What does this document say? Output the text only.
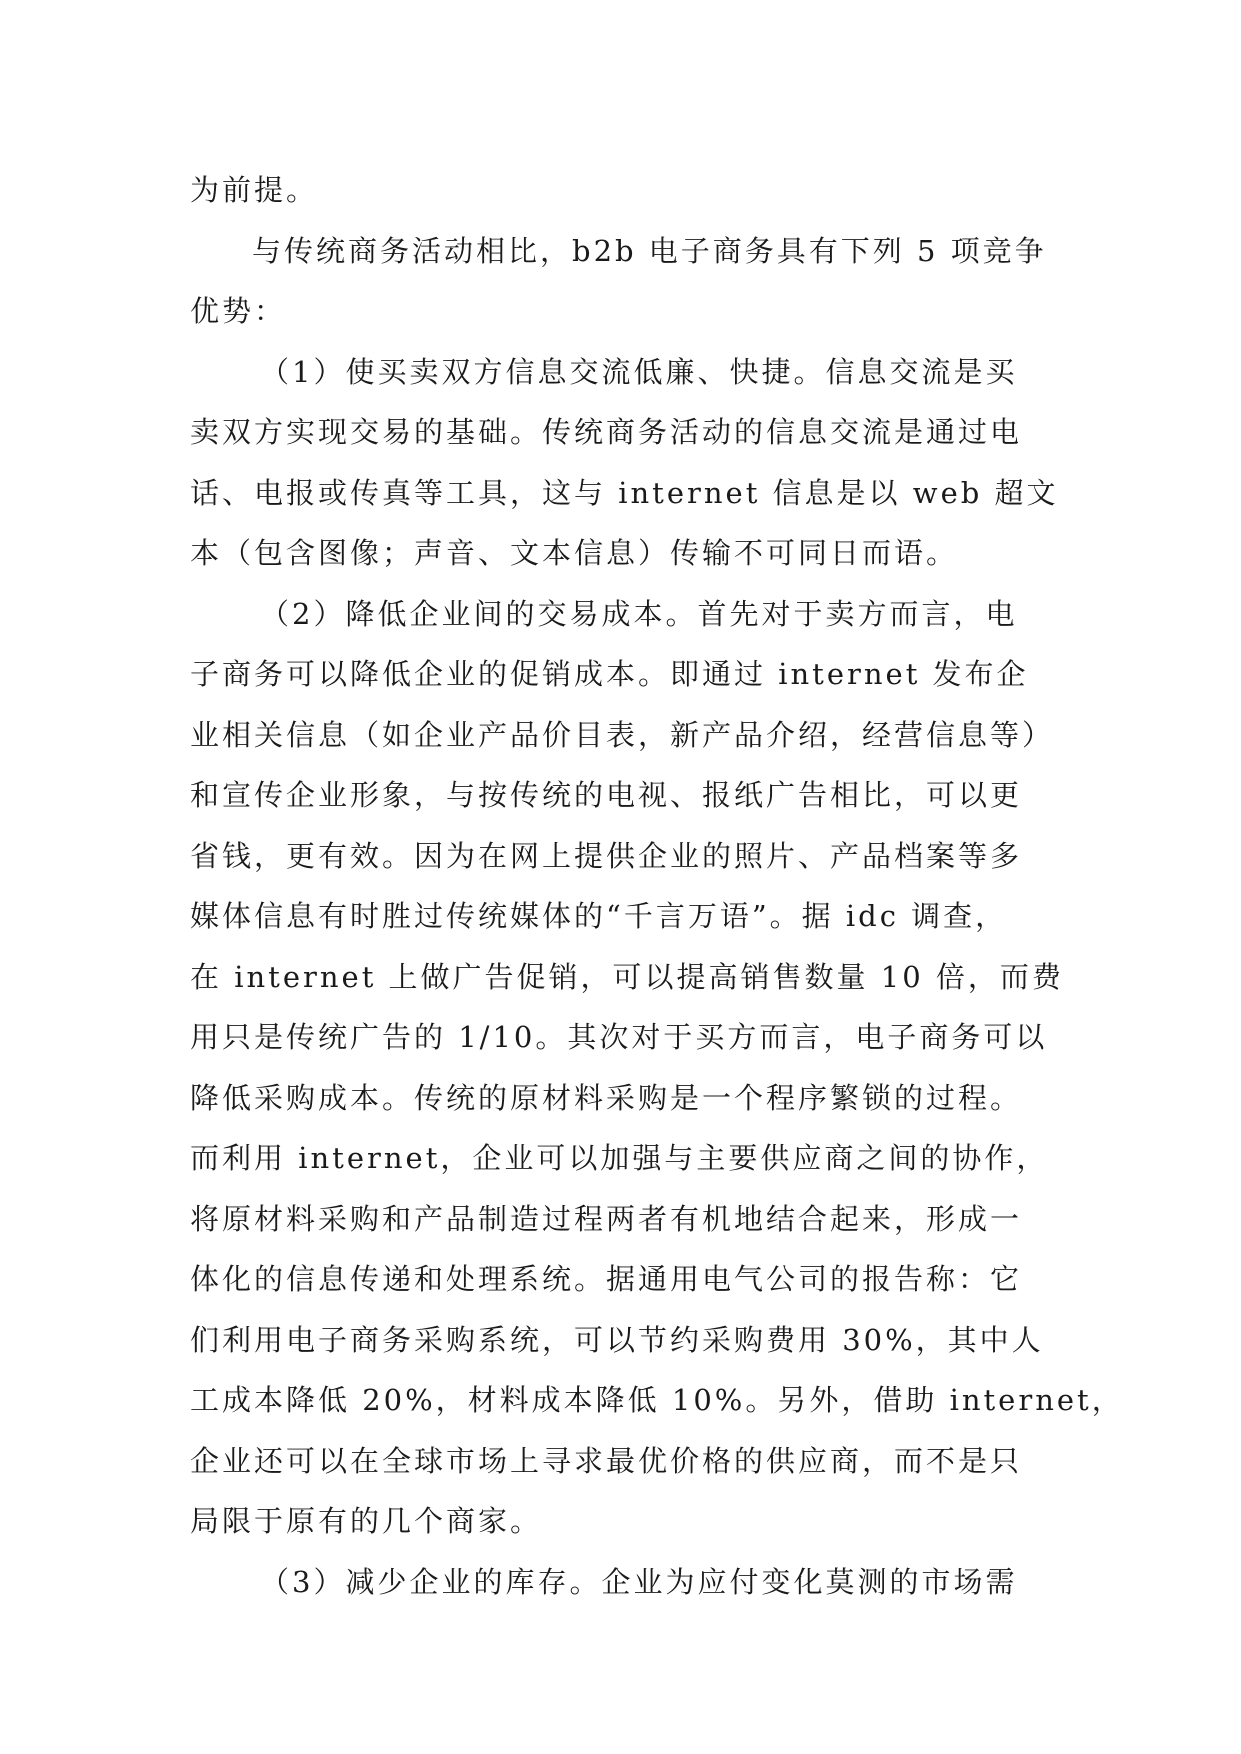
为前提。
与传统商务活动相比，b2b 电子商务具有下列 5 项竞争
优势：
（1）使买卖双方信息交流低廉、快捷。信息交流是买
卖双方实现交易的基础。传统商务活动的信息交流是通过电
话、电报或传真等工具，这与 internet 信息是以 web 超文
本（包含图像；声音、文本信息）传输不可同日而语。
（2）降低企业间的交易成本。首先对于卖方而言，电
子商务可以降低企业的促销成本。即通过 internet 发布企
业相关信息（如企业产品价目表，新产品介绍，经营信息等）
和宣传企业形象，与按传统的电视、报纸广告相比，可以更
省钱，更有效。因为在网上提供企业的照片、产品档案等多
媒体信息有时胜过传统媒体的“千言万语”。据 idc 调查，
在 internet 上做广告促销，可以提高销售数量 10 倍，而费
用只是传统广告的 1/10。其次对于买方而言，电子商务可以
降低采购成本。传统的原材料采购是一个程序繁锁的过程。
而利用 internet，企业可以加强与主要供应商之间的协作，
将原材料采购和产品制造过程两者有机地结合起来，形成一
体化的信息传递和处理系统。据通用电气公司的报告称：它
们利用电子商务采购系统，可以节约采购费用 30%，其中人
工成本降低 20%，材料成本降低 10%。另外，借助 internet，
企业还可以在全球市场上寻求最优价格的供应商，而不是只
局限于原有的几个商家。
（3）减少企业的库存。企业为应付变化莫测的市场需
